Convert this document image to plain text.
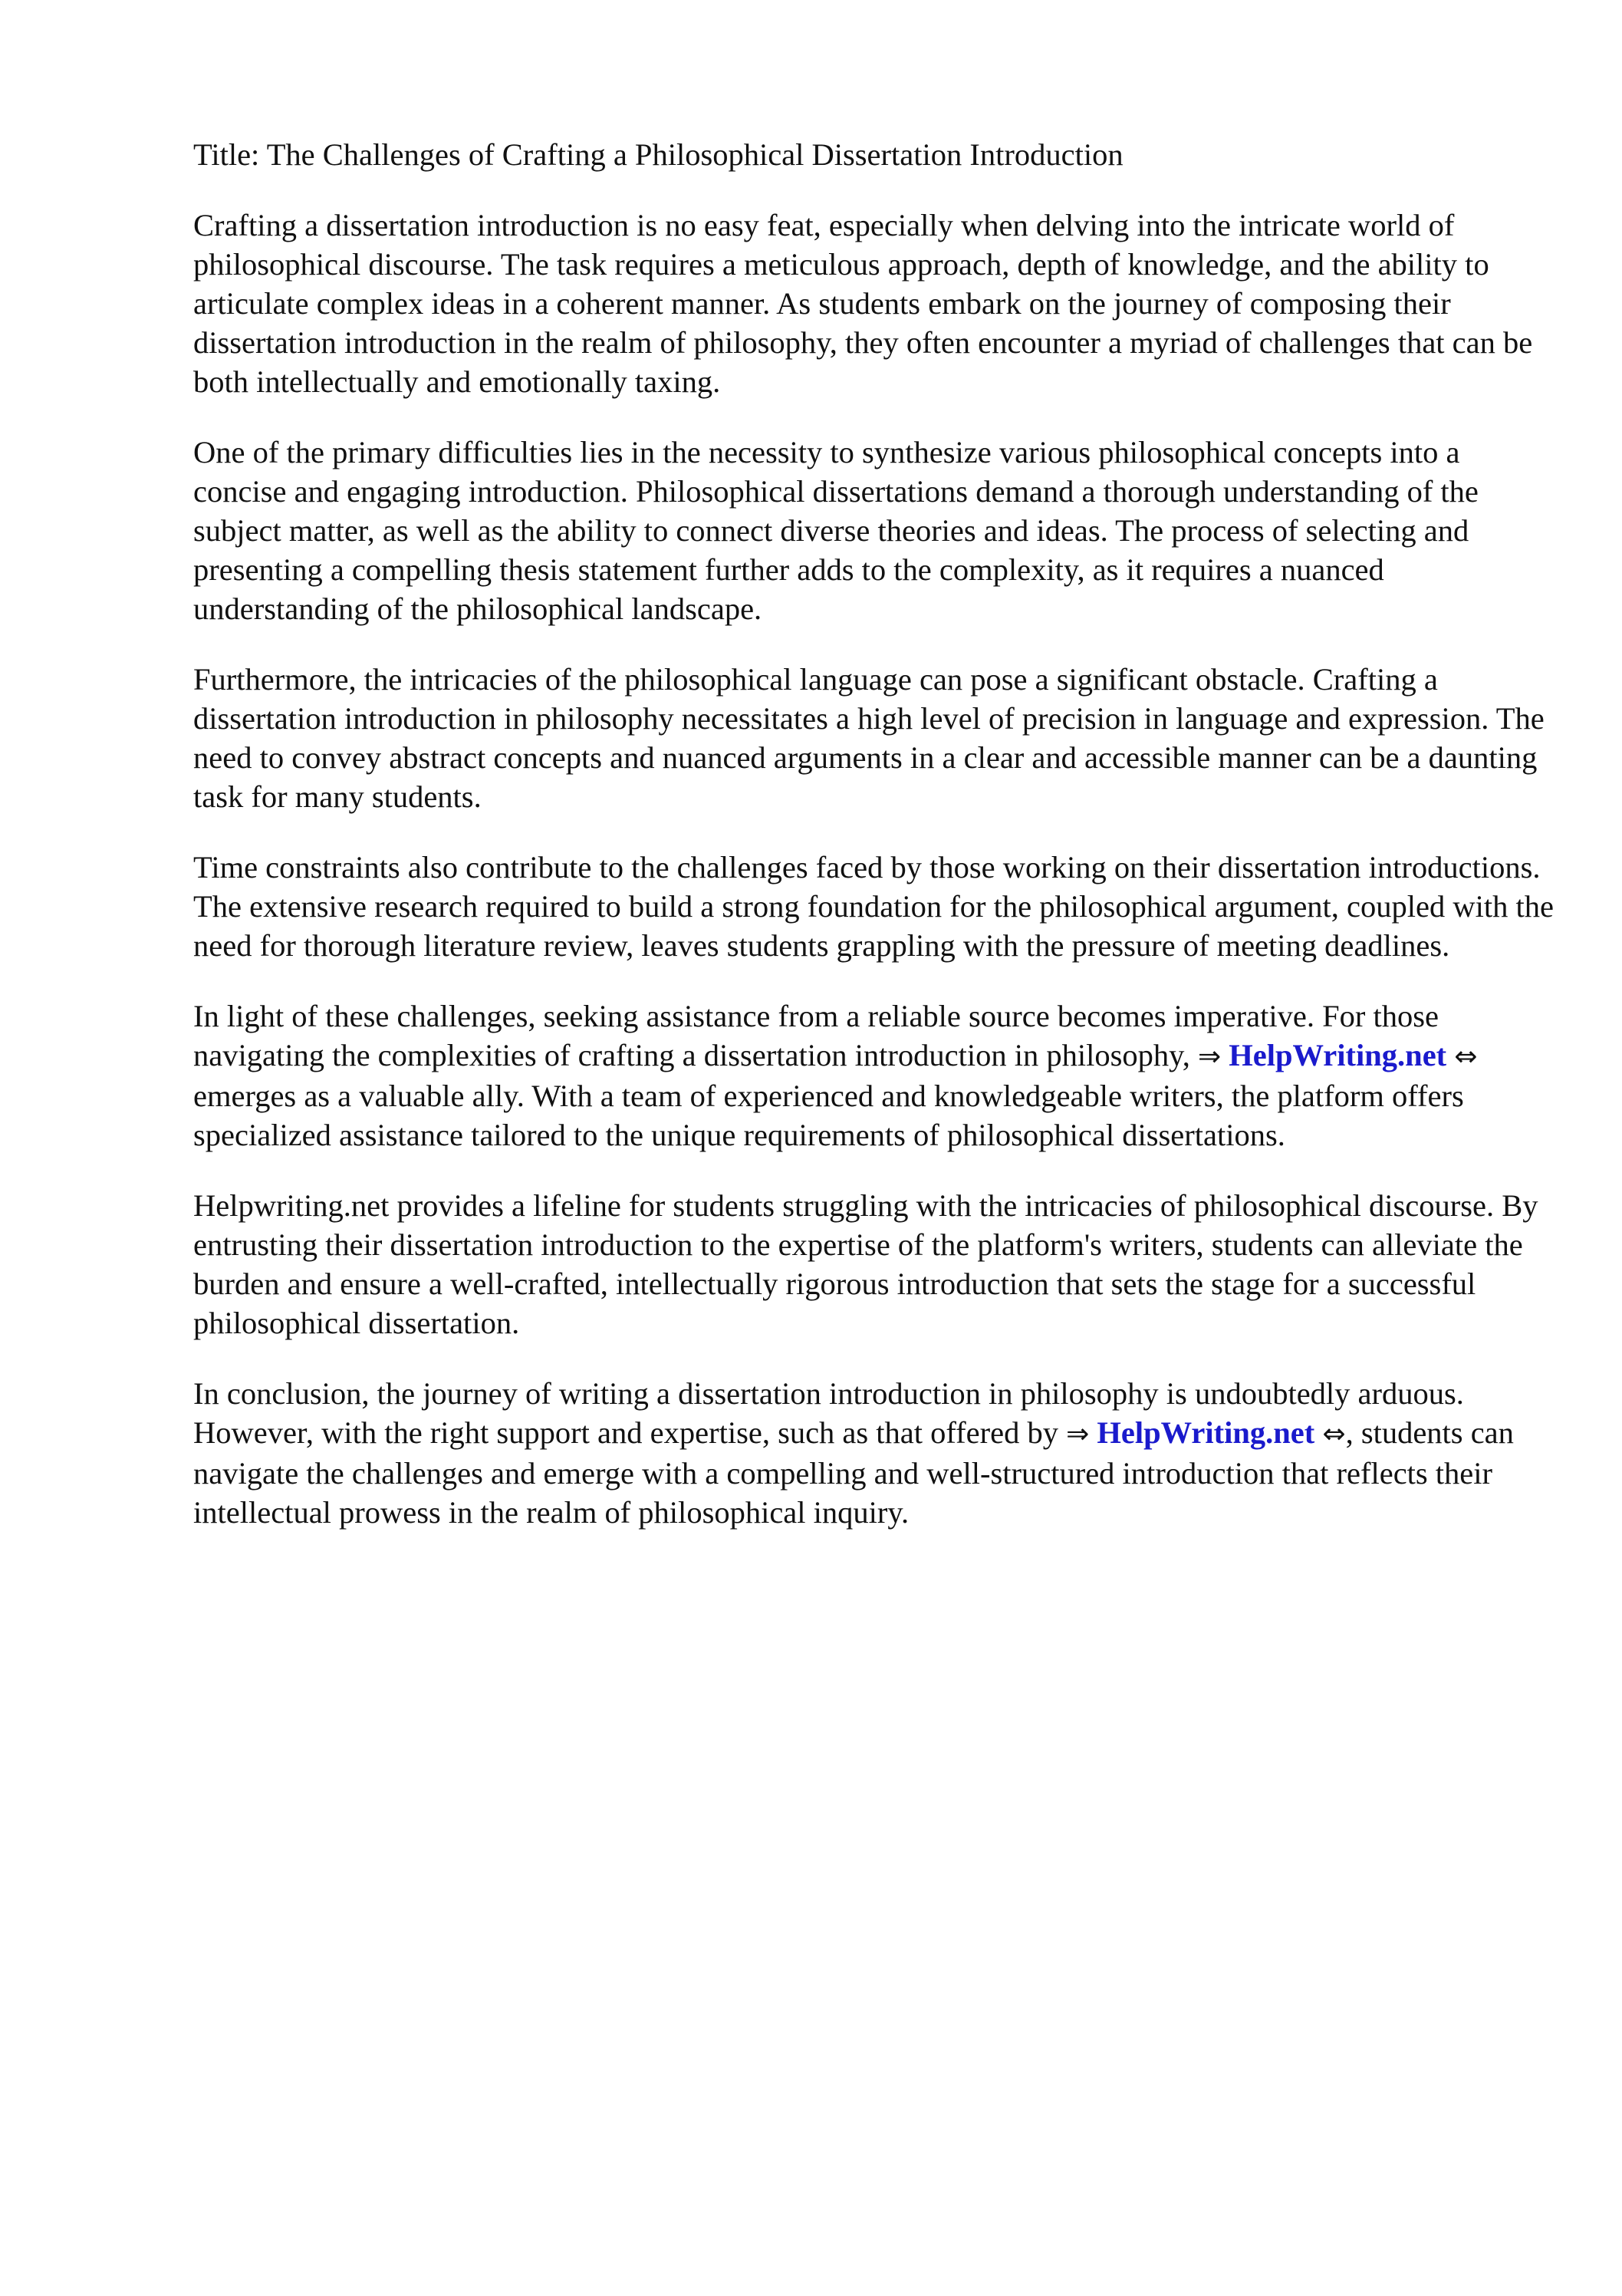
Title: The Challenges of Crafting a Philosophical Dissertation Introduction

Crafting a dissertation introduction is no easy feat, especially when delving into the intricate world of philosophical discourse. The task requires a meticulous approach, depth of knowledge, and the ability to articulate complex ideas in a coherent manner. As students embark on the journey of composing their dissertation introduction in the realm of philosophy, they often encounter a myriad of challenges that can be both intellectually and emotionally taxing.

One of the primary difficulties lies in the necessity to synthesize various philosophical concepts into a concise and engaging introduction. Philosophical dissertations demand a thorough understanding of the subject matter, as well as the ability to connect diverse theories and ideas. The process of selecting and presenting a compelling thesis statement further adds to the complexity, as it requires a nuanced understanding of the philosophical landscape.

Furthermore, the intricacies of the philosophical language can pose a significant obstacle. Crafting a dissertation introduction in philosophy necessitates a high level of precision in language and expression. The need to convey abstract concepts and nuanced arguments in a clear and accessible manner can be a daunting task for many students.

Time constraints also contribute to the challenges faced by those working on their dissertation introductions. The extensive research required to build a strong foundation for the philosophical argument, coupled with the need for thorough literature review, leaves students grappling with the pressure of meeting deadlines.

In light of these challenges, seeking assistance from a reliable source becomes imperative. For those navigating the complexities of crafting a dissertation introduction in philosophy, ⇒ HelpWriting.net ⇔ emerges as a valuable ally. With a team of experienced and knowledgeable writers, the platform offers specialized assistance tailored to the unique requirements of philosophical dissertations.

Helpwriting.net provides a lifeline for students struggling with the intricacies of philosophical discourse. By entrusting their dissertation introduction to the expertise of the platform's writers, students can alleviate the burden and ensure a well-crafted, intellectually rigorous introduction that sets the stage for a successful philosophical dissertation.

In conclusion, the journey of writing a dissertation introduction in philosophy is undoubtedly arduous. However, with the right support and expertise, such as that offered by ⇒ HelpWriting.net ⇔, students can navigate the challenges and emerge with a compelling and well-structured introduction that reflects their intellectual prowess in the realm of philosophical inquiry.
